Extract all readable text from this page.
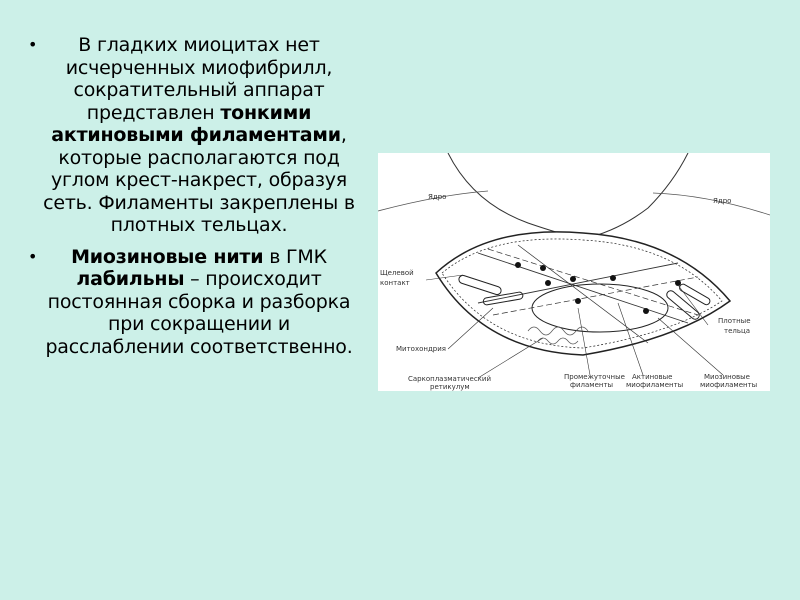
•	В гладких миоцитах нет исчерченных миофибрилл, сократительный аппарат представлен тонкими актиновыми филаментами, которые располагаются под углом крест-накрест, образуя сеть. Филаменты закреплены в плотных тельцах.
•	Миозиновые нити в ГМК лабильны – происходит постоянная сборка и разборка при сокращении и расслаблении соответственно.
Ядро	Ядро
Щелевой
контакт
Плотные
тельца
Митохондрия
Саркоплазматический
ретикулум
Промежуточные
филаменты
Актиновые
миофиламенты
Миозиновые
миофиламенты
